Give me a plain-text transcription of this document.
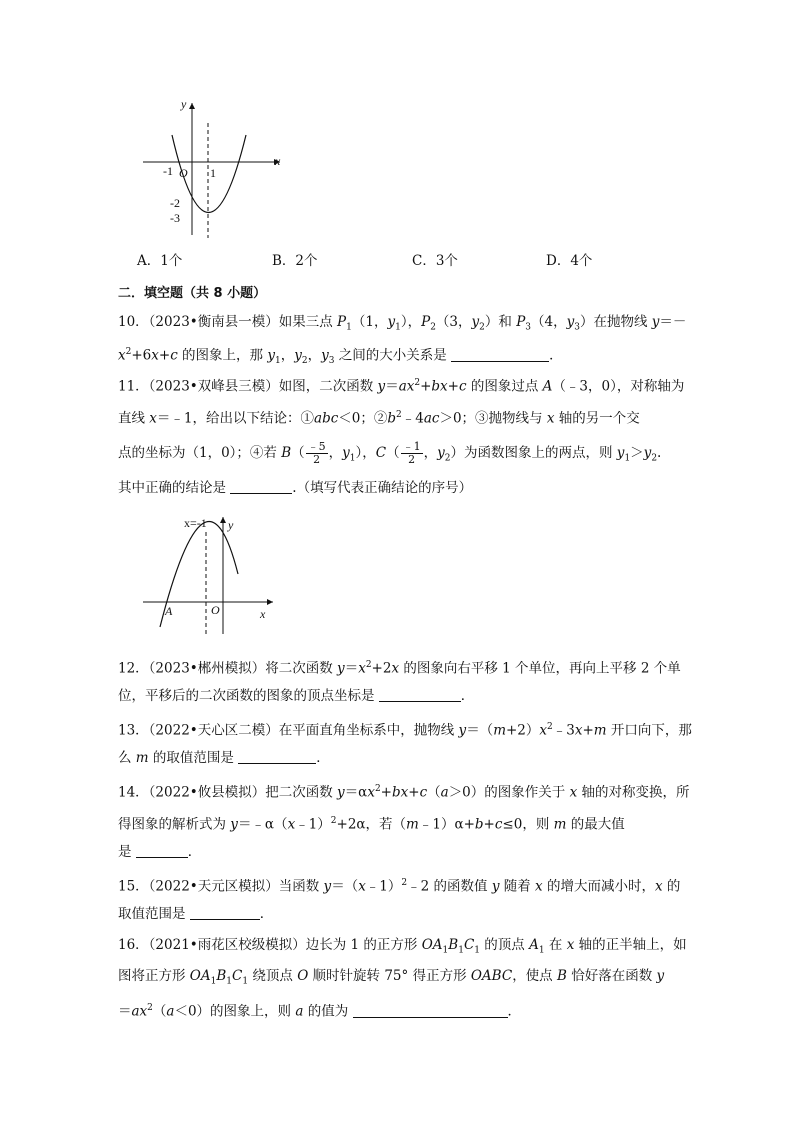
y
x
-1 O 1
-2
-3
A．1个	B．2个	C．3个	D．4个
二．填空题（共 8 小题）
10．（2023•衡南县一模）如果三点 $P_1(1$，$y_1$），$P_2(3$，$y_2$）和 $P_3(4$，$y_3$）在抛物线 y＝－
$x^2+6x+c$ 的图象上，那 $y_1$，$y_2$，$y_3$ 之间的大小关系是	．
11．（2023•双峰县三模）如图，二次函数 $y=ax^2+bx+c$ 的图象过点 A（﹣3，0），对称轴为
直线 x＝﹣1，给出以下结论：①abc＜0；$②b^2﹣4ac>0$；③抛物线与 x 轴的另一个交
点的坐标为（1，0）；④若 $B( \frac{﹣5}{2}$ ，$y_1$），$C( \frac{﹣1}{2}$ ，$y_2$）为函数图象上的两点，则 $y_1>y_2$.
其中正确的结论是	.（填写代表正确结论的序号）
x=-1 y
A	O	x
12．（2023•郴州模拟）将二次函数 $y=x^2+2x$ 的图象向右平移 1 个单位，再向上平移 2 个单
位，平移后的二次函数的图象的顶点坐标是	．
13．（2022•天心区二模）在平面直角坐标系中，抛物线 $y=(m+2)x^2﹣3x+m$ 开口向下，那
么 m 的取值范围是	．
14．（2022•攸县模拟）把二次函数 $y=\alpha x^2+bx+c(a>0)$的图象作关于 x 轴的对称变换，所
得图象的解析式为 y＝﹣α（x﹣1）$^2$+2α，若（m﹣1）α+b+c≤0，则 m 的最大值
是	．
15．（2022•天元区模拟）当函数 y＝（x﹣1）$^2$﹣2 的函数值 y 随着 x 的增大而减小时，x 的
取值范围是	．
16．（2021•雨花区校级模拟）边长为 1 的正方形 $OA_1B_1C_1$ 的顶点 $A_1$ 在 x 轴的正半轴上，如
图将正方形 $OA_1B_1C_1$ 绕顶点 O 顺时针旋转 75° 得正方形 OABC，使点 B 恰好落在函数 y
$=ax^2(a<0)$的图象上，则 a 的值为	．
